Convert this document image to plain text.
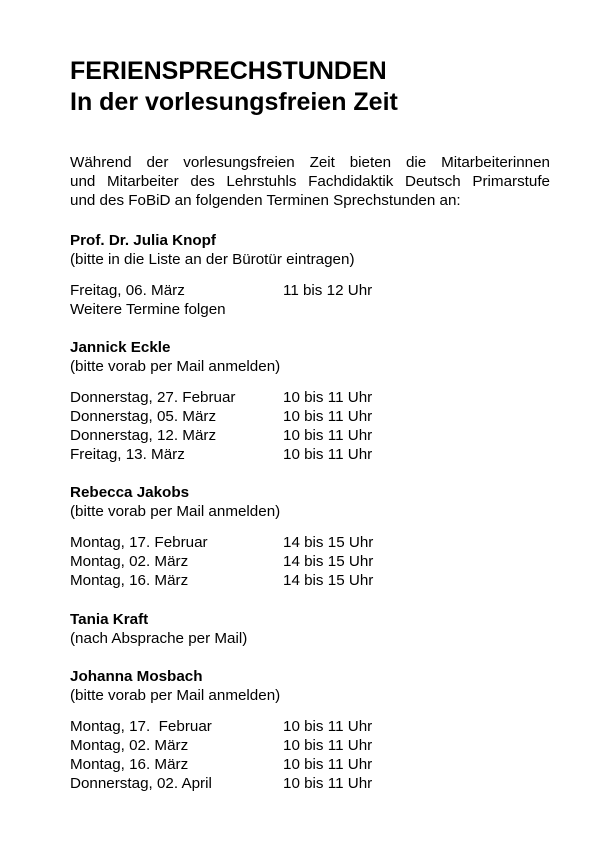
FERIENSPRECHSTUNDEN
In der vorlesungsfreien Zeit

Während der vorlesungsfreien Zeit bieten die Mitarbeiterinnen
und Mitarbeiter des Lehrstuhls Fachdidaktik Deutsch Primarstufe
und des FoBiD an folgenden Terminen Sprechstunden an:

Prof. Dr. Julia Knopf
(bitte in die Liste an der Bürotür eintragen)
Freitag, 06. März	11 bis 12 Uhr
Weitere Termine folgen
Jannick Eckle
(bitte vorab per Mail anmelden)
Donnerstag, 27. Februar	10 bis 11 Uhr
Donnerstag, 05. März	10 bis 11 Uhr
Donnerstag, 12. März	10 bis 11 Uhr
Freitag, 13. März	10 bis 11 Uhr
Rebecca Jakobs
(bitte vorab per Mail anmelden)
Montag, 17. Februar	14 bis 15 Uhr
Montag, 02. März	14 bis 15 Uhr
Montag, 16. März	14 bis 15 Uhr
Tania Kraft
(nach Absprache per Mail)
Johanna Mosbach
(bitte vorab per Mail anmelden)
Montag, 17.  Februar	10 bis 11 Uhr
Montag, 02. März	10 bis 11 Uhr
Montag, 16. März	10 bis 11 Uhr
Donnerstag, 02. April	10 bis 11 Uhr
